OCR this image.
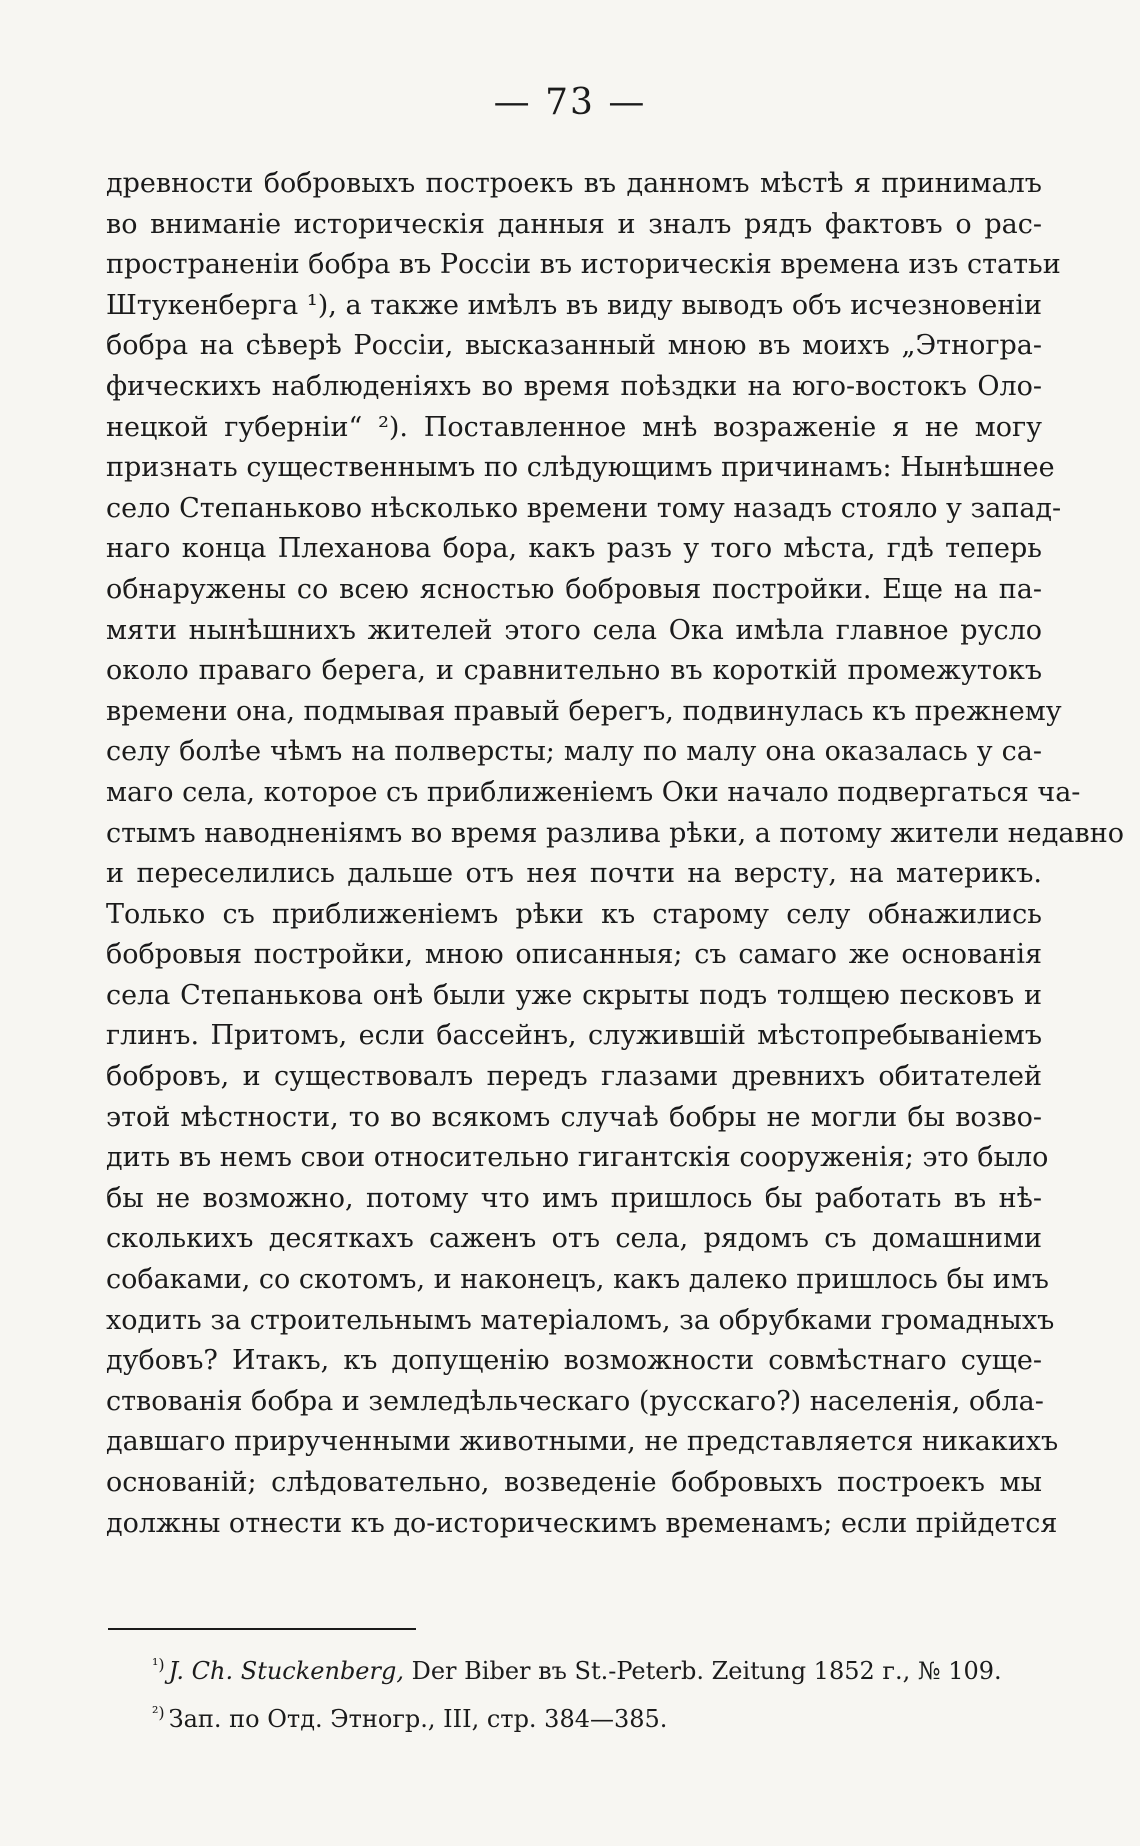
— 73 —
древности бобровыхъ построекъ въ данномъ мѣстѣ я принималъ
во вниманіе историческія данныя и зналъ рядъ фактовъ о рас-
пространеніи бобра въ Россіи въ историческія времена изъ статьи
Штукенберга ¹), а также имѣлъ въ виду выводъ объ исчезновеніи
бобра на сѣверѣ Россіи, высказанный мною въ моихъ „Этногра-
фическихъ наблюденіяхъ во время поѣздки на юго-востокъ Оло-
нецкой губерніи“ ²). Поставленное мнѣ возраженіе я не могу
признать существеннымъ по слѣдующимъ причинамъ: Нынѣшнее
село Степаньково нѣсколько времени тому назадъ стояло у запад-
наго конца Плеханова бора, какъ разъ у того мѣста, гдѣ теперь
обнаружены со всею ясностью бобровыя постройки. Еще на па-
мяти нынѣшнихъ жителей этого села Ока имѣла главное русло
около праваго берега, и сравнительно въ короткій промежутокъ
времени она, подмывая правый берегъ, подвинулась къ прежнему
селу болѣе чѣмъ на полверсты; малу по малу она оказалась у са-
маго села, которое съ приближеніемъ Оки начало подвергаться ча-
стымъ наводненіямъ во время разлива рѣки, а потому жители недавно
и переселились дальше отъ нея почти на версту, на материкъ.
Только съ приближеніемъ рѣки къ старому селу обнажились
бобровыя постройки, мною описанныя; съ самаго же основанія
села Степанькова онѣ были уже скрыты подъ толщею песковъ и
глинъ. Притомъ, если бассейнъ, служившій мѣстопребываніемъ
бобровъ, и существовалъ передъ глазами древнихъ обитателей
этой мѣстности, то во всякомъ случаѣ бобры не могли бы возво-
дить въ немъ свои относительно гигантскія сооруженія; это было
бы не возможно, потому что имъ пришлось бы работать въ нѣ-
сколькихъ десяткахъ саженъ отъ села, рядомъ съ домашними
собаками, со скотомъ, и наконецъ, какъ далеко пришлось бы имъ
ходить за строительнымъ матеріаломъ, за обрубками громадныхъ
дубовъ? Итакъ, къ допущенію возможности совмѣстнаго суще-
ствованія бобра и земледѣльческаго (русскаго?) населенія, обла-
давшаго прирученными животными, не представляется никакихъ
основаній; слѣдовательно, возведеніе бобровыхъ построекъ мы
должны отнести къ до-историческимъ временамъ; если прійдется
$^{^1)}$ J. Ch. Stuckenberg, Der Biber въ St.-Peterb. Zeitung 1852 г., № 109.
$^{^2)}$ Зап. по Отд. Этногр., III, стр. 384—385.
